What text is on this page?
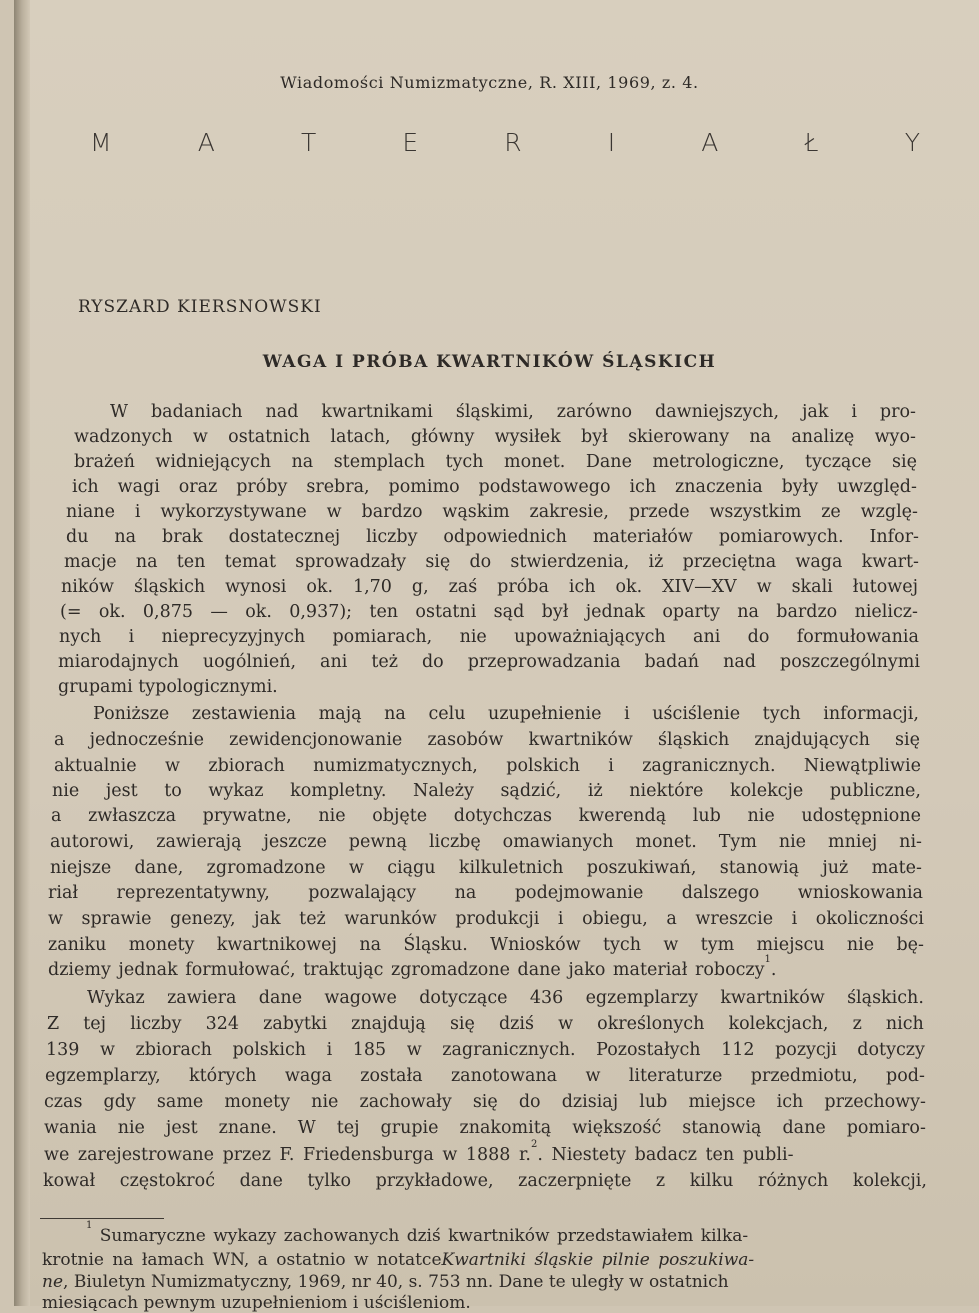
Wiadomości Numizmatyczne, R. XIII, 1969, z. 4.
M	A	T	E	R	I	A	Ł	Y
RYSZARD KIERSNOWSKI
WAGA I PRÓBA KWARTNIKÓW ŚLĄSKICH
W badaniach nad kwartnikami śląskimi, zarówno dawniejszych, jak i pro-
wadzonych w ostatnich latach, główny wysiłek był skierowany na analizę wyo-
brażeń widniejących na stemplach tych monet. Dane metrologiczne, tyczące się
ich wagi oraz próby srebra, pomimo podstawowego ich znaczenia były uwzględ-
niane i wykorzystywane w bardzo wąskim zakresie, przede wszystkim ze wzglę-
du na brak dostatecznej liczby odpowiednich materiałów pomiarowych. Infor-
macje na ten temat sprowadzały się do stwierdzenia, iż przeciętna waga kwart-
ników śląskich wynosi ok. 1,70 g, zaś próba ich ok. XIV—XV w skali łutowej
(= ok. 0,875 — ok. 0,937); ten ostatni sąd był jednak oparty na bardzo nielicz-
nych i nieprecyzyjnych pomiarach, nie upoważniających ani do formułowania
miarodajnych uogólnień, ani też do przeprowadzania badań nad poszczególnymi
grupami typologicznymi.
Poniższe zestawienia mają na celu uzupełnienie i uściślenie tych informacji,
a jednocześnie zewidencjonowanie zasobów kwartników śląskich znajdujących się
aktualnie w zbiorach numizmatycznych, polskich i zagranicznych. Niewątpliwie
nie jest to wykaz kompletny. Należy sądzić, iż niektóre kolekcje publiczne,
a zwłaszcza prywatne, nie objęte dotychczas kwerendą lub nie udostępnione
autorowi, zawierają jeszcze pewną liczbę omawianych monet. Tym nie mniej ni-
niejsze dane, zgromadzone w ciągu kilkuletnich poszukiwań, stanowią już mate-
riał reprezentatywny, pozwalający na podejmowanie dalszego wnioskowania
w sprawie genezy, jak też warunków produkcji i obiegu, a wreszcie i okoliczności
zaniku monety kwartnikowej na Śląsku. Wniosków tych w tym miejscu nie bę-
dziemy jednak formułować, traktując zgromadzone dane jako materiał roboczy
1
.
Wykaz zawiera dane wagowe dotyczące 436 egzemplarzy kwartników śląskich.
Z tej liczby 324 zabytki znajdują się dziś w określonych kolekcjach, z nich
139 w zbiorach polskich i 185 w zagranicznych. Pozostałych 112 pozycji dotyczy
egzemplarzy, których waga została zanotowana w literaturze przedmiotu, pod-
czas gdy same monety nie zachowały się do dzisiaj lub miejsce ich przechowy-
wania nie jest znane. W tej grupie znakomitą większość stanowią dane pomiaro-
we zarejestrowane przez F. Friedensburga w 1888 r.
2
. Niestety badacz ten publi-
kował częstokroć dane tylko przykładowe, zaczerpnięte z kilku różnych kolekcji,
1

Sumaryczne wykazy zachowanych dziś kwartników przedstawiałem kilka-
krotnie na łamach WN, a ostatnio w notatce Kwartniki śląskie pilnie poszukiwa-
ne , Biuletyn Numizmatyczny, 1969, nr 40, s. 753 nn. Dane te uległy w ostatnich
miesiącach pewnym uzupełnieniom i uściśleniom.
